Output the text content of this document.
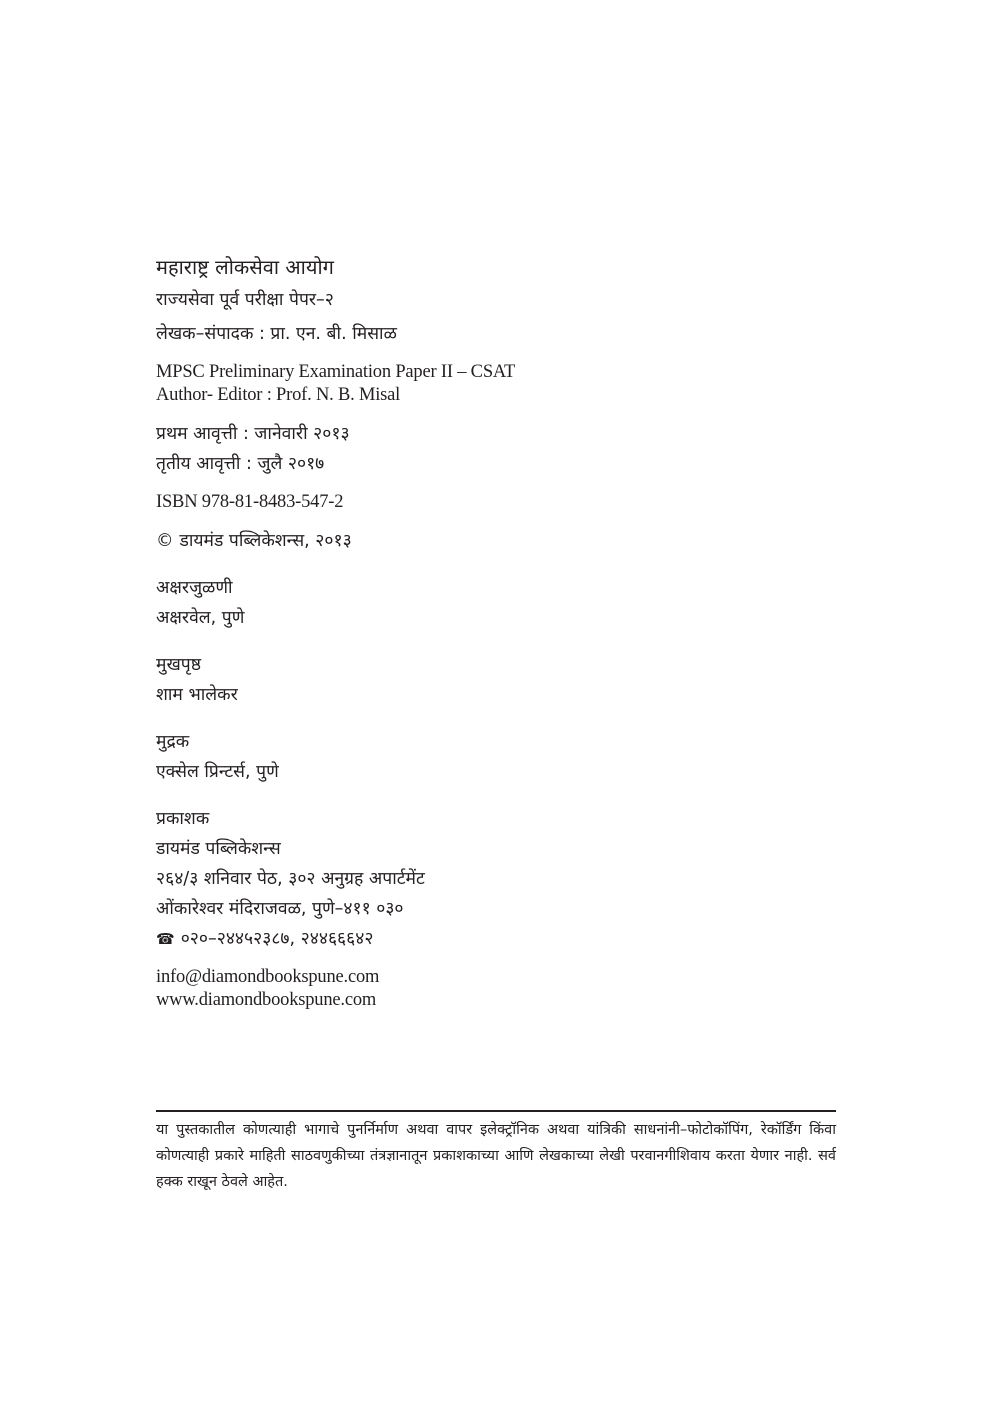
महाराष्ट्र लोकसेवा आयोग
राज्यसेवा पूर्व परीक्षा पेपर–२
लेखक–संपादक : प्रा. एन. बी. मिसाळ
MPSC Preliminary Examination Paper II – CSAT
Author- Editor : Prof. N. B. Misal
प्रथम आवृत्ती : जानेवारी २०१३
तृतीय आवृत्ती : जुलै २०१७
ISBN 978-81-8483-547-2
© डायमंड पब्लिकेशन्स, २०१३
अक्षरजुळणी
अक्षरवेल, पुणे
मुखपृष्ठ
शाम भालेकर
मुद्रक
एक्सेल प्रिन्टर्स, पुणे
प्रकाशक
डायमंड पब्लिकेशन्स
२६४/३ शनिवार पेठ, ३०२ अनुग्रह अपार्टमेंट
ओंकारेश्वर मंदिराजवळ, पुणे–४११ ०३०
☎ ०२०–२४४५२३८७, २४४६६६४२
info@diamondbookspune.com
www.diamondbookspune.com
या पुस्तकातील कोणत्याही भागाचे पुनर्निर्माण अथवा वापर इलेक्ट्रॉनिक अथवा यांत्रिकी साधनांनी–फोटोकॉपिंग, रेकॉर्डिंग किंवा कोणत्याही प्रकारे माहिती साठवणुकीच्या तंत्रज्ञानातून प्रकाशकाच्या आणि लेखकाच्या लेखी परवानगीशिवाय करता येणार नाही. सर्व हक्क राखून ठेवले आहेत.
